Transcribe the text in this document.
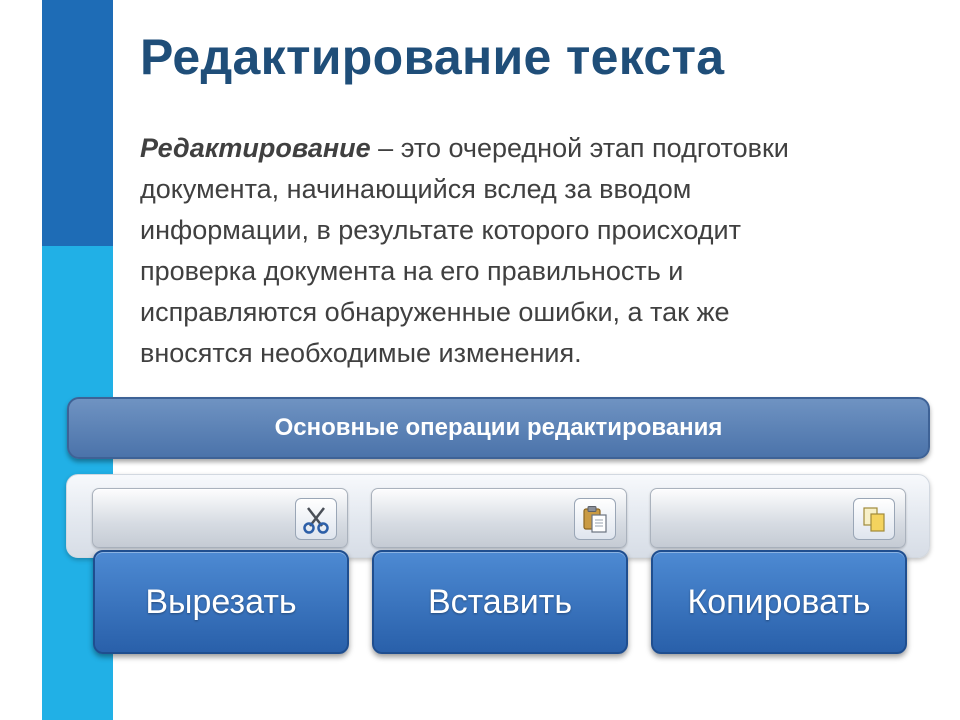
Редактирование текста
Редактирование – это очередной этап подготовки
документа, начинающийся вслед за вводом
информации, в результате которого происходит
проверка документа на его правильность и
исправляются обнаруженные ошибки, а так же
вносятся необходимые изменения.
Основные операции редактирования
Вырезать	Вставить	Копировать
